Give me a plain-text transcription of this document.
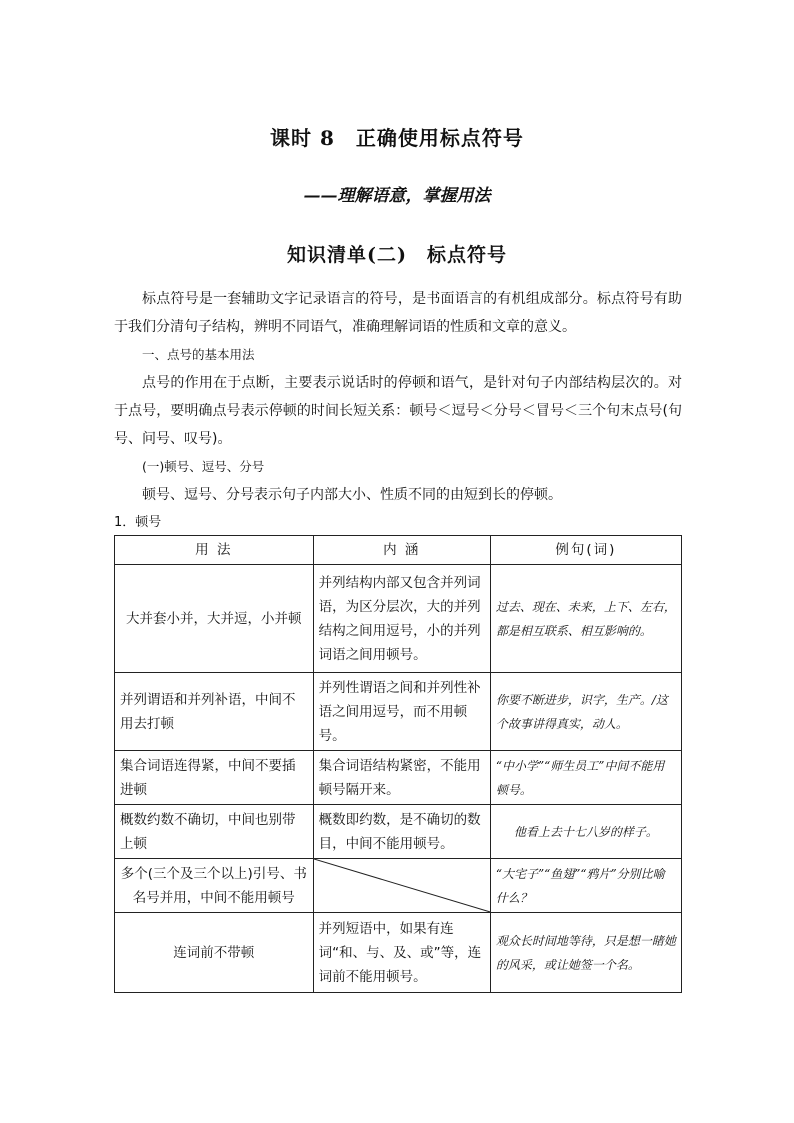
课时 8　正确使用标点符号
——理解语意，掌握用法
知识清单(二)　标点符号

标点符号是一套辅助文字记录语言的符号，是书面语言的有机组成部分。标点符号有助于我们分清句子结构，辨明不同语气，准确理解词语的性质和文章的意义。

一、点号的基本用法

点号的作用在于点断，主要表示说话时的停顿和语气，是针对句子内部结构层次的。对于点号，要明确点号表示停顿的时间长短关系：顿号＜逗号＜分号＜冒号＜三个句末点号(句号、问号、叹号)。

(一)顿号、逗号、分号

顿号、逗号、分号表示句子内部大小、性质不同的由短到长的停顿。

1．顿号

用 法	内 涵	例句(词)
大并套小并，大并逗，小并顿	并列结构内部又包含并列词语，为区分层次，大的并列结构之间用逗号，小的并列词语之间用顿号。	过去、现在、未来，上下、左右，都是相互联系、相互影响的。
并列谓语和并列补语，中间不用去打顿	并列性谓语之间和并列性补语之间用逗号，而不用顿号。	你要不断进步，识字，生产。/这个故事讲得真实，动人。
集合词语连得紧，中间不要插进顿	集合词语结构紧密，不能用顿号隔开来。	“中小学”“师生员工”中间不能用顿号。
概数约数不确切，中间也别带上顿	概数即约数，是不确切的数目，中间不能用顿号。	他看上去十七八岁的样子。
多个(三个及三个以上)引号、书名号并用，中间不能用顿号		“大宅子”“鱼翅”“鸦片”分别比喻什么？
连词前不带顿	并列短语中，如果有连词“和、与、及、或”等，连词前不能用顿号。	观众长时间地等待，只是想一睹她的风采，或让她签一个名。
